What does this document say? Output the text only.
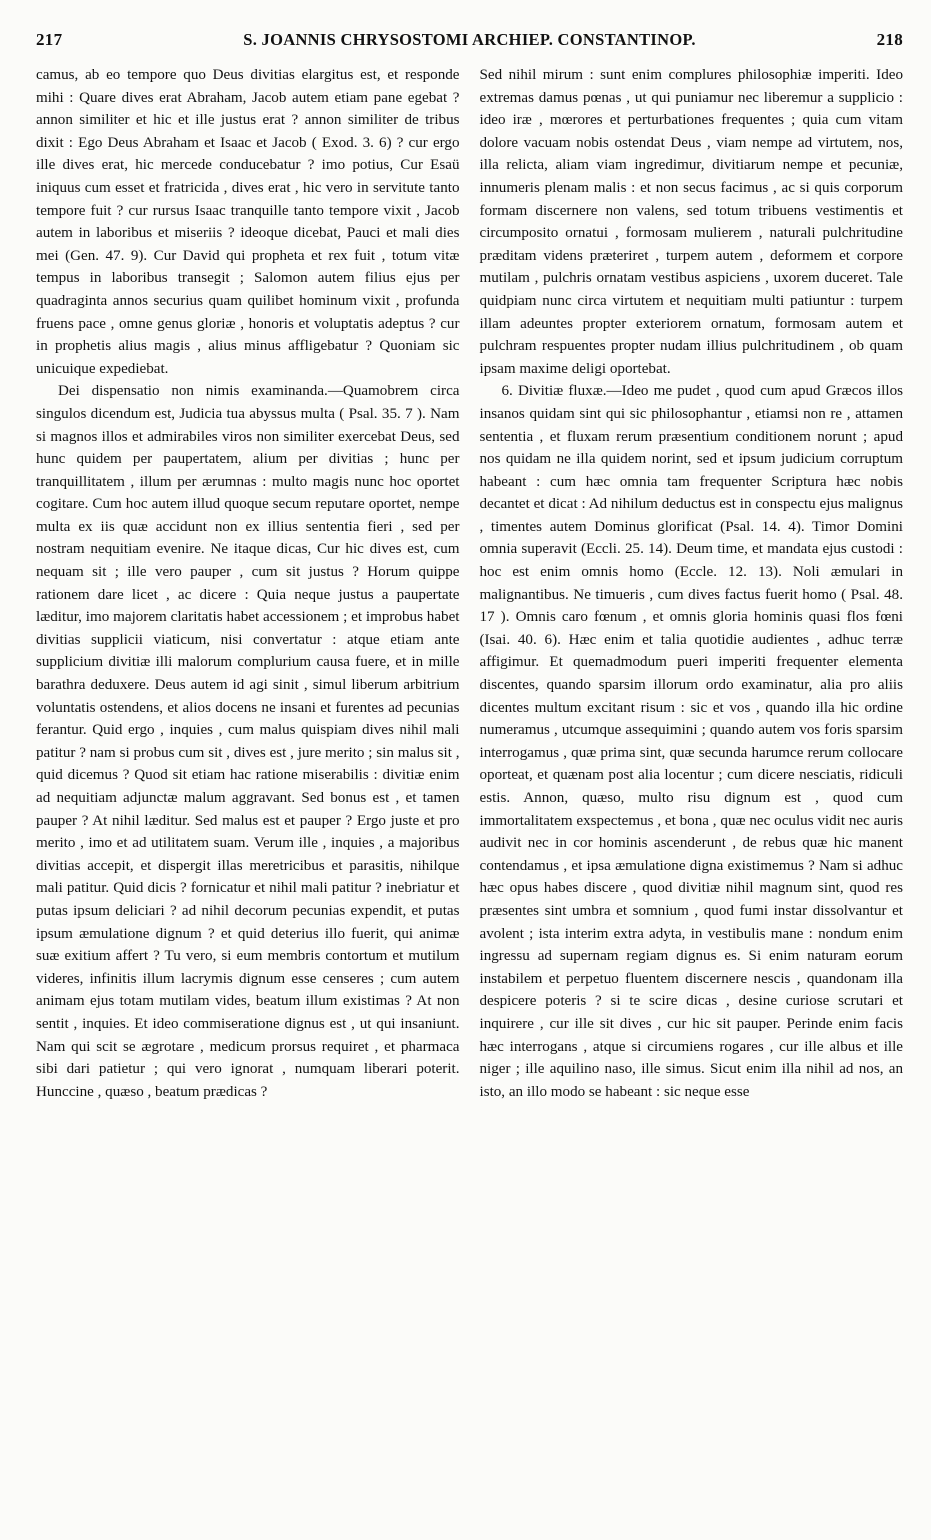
217	S. JOANNIS CHRYSOSTOMI ARCHIEP. CONSTANTINOP.	218

camus, ab eo tempore quo Deus divitias elargitus est, et responde mihi : Quare dives erat Abraham, Jacob autem etiam pane egebat ? annon similiter et hic et ille justus erat ? annon similiter de tribus dixit : Ego Deus Abraham et Isaac et Jacob ( Exod. 3. 6) ? cur ergo ille dives erat, hic mercede conducebatur ? imo potius, Cur Esaü iniquus cum esset et fratricida , dives erat , hic vero in servitute tanto tempore fuit ? cur rursus Isaac tranquille tanto tempore vixit , Jacob autem in laboribus et miseriis ? ideoque dicebat, Pauci et mali dies mei (Gen. 47. 9). Cur David qui propheta et rex fuit , totum vitæ tempus in laboribus transegit ; Salomon autem filius ejus per quadraginta annos securius quam quilibet hominum vixit , profunda fruens pace , omne genus gloriæ , honoris et voluptatis adeptus ? cur in prophetis alius magis , alius minus affligebatur ? Quoniam sic unicuique expediebat.

Dei dispensatio non nimis examinanda.—Quamobrem circa singulos dicendum est, Judicia tua abyssus multa ( Psal. 35. 7 ). Nam si magnos illos et admirabiles viros non similiter exercebat Deus, sed hunc quidem per paupertatem, alium per divitias ; hunc per tranquillitatem , illum per ærumnas : multo magis nunc hoc oportet cogitare. Cum hoc autem illud quoque secum reputare oportet, nempe multa ex iis quæ accidunt non ex illius sententia fieri , sed per nostram nequitiam evenire. Ne itaque dicas, Cur hic dives est, cum nequam sit ; ille vero pauper , cum sit justus ? Horum quippe rationem dare licet , ac dicere : Quia neque justus a paupertate læditur, imo majorem claritatis habet accessionem ; et improbus habet divitias supplicii viaticum, nisi convertatur : atque etiam ante supplicium divitiæ illi malorum complurium causa fuere, et in mille barathra deduxere. Deus autem id agi sinit , simul liberum arbitrium voluntatis ostendens, et alios docens ne insani et furentes ad pecunias ferantur. Quid ergo , inquies , cum malus quispiam dives nihil mali patitur ? nam si probus cum sit , dives est , jure merito ; sin malus sit , quid dicemus ? Quod sit etiam hac ratione miserabilis : divitiæ enim ad nequitiam adjunctæ malum aggravant. Sed bonus est , et tamen pauper ? At nihil læditur. Sed malus est et pauper ? Ergo juste et pro merito , imo et ad utilitatem suam. Verum ille , inquies , a majoribus divitias accepit, et dispergit illas meretricibus et parasitis, nihilque mali patitur. Quid dicis ? fornicatur et nihil mali patitur ? inebriatur et putas ipsum deliciari ? ad nihil decorum pecunias expendit, et putas ipsum æmulatione dignum ? et quid deterius illo fuerit, qui animæ suæ exitium affert ? Tu vero, si eum membris contortum et mutilum videres, infinitis illum lacrymis dignum esse censeres ; cum autem animam ejus totam mutilam vides, beatum illum existimas ? At non sentit , inquies. Et ideo commiseratione dignus est , ut qui insaniunt. Nam qui scit se ægrotare , medicum prorsus requiret , et pharmaca sibi dari patietur ; qui vero ignorat , numquam liberari poterit. Hunccine , quæso , beatum prædicas ?

Sed nihil mirum : sunt enim complures philosophiæ imperiti. Ideo extremas damus pœnas , ut qui puniamur nec liberemur a supplicio : ideo iræ , mœrores et perturbationes frequentes ; quia cum vitam dolore vacuam nobis ostendat Deus , viam nempe ad virtutem, nos, illa relicta, aliam viam ingredimur, divitiarum nempe et pecuniæ, innumeris plenam malis : et non secus facimus , ac si quis corporum formam discernere non valens, sed totum tribuens vestimentis et circumposito ornatui , formosam mulierem , naturali pulchritudine præditam videns præteriret , turpem autem , deformem et corpore mutilam , pulchris ornatam vestibus aspiciens , uxorem duceret. Tale quidpiam nunc circa virtutem et nequitiam multi patiuntur : turpem illam adeuntes propter exteriorem ornatum, formosam autem et pulchram respuentes propter nudam illius pulchritudinem , ob quam ipsam maxime deligi oportebat.

6. Divitiæ fluxæ.—Ideo me pudet , quod cum apud Græcos illos insanos quidam sint qui sic philosophantur , etiamsi non re , attamen sententia , et fluxam rerum præsentium conditionem norunt ; apud nos quidam ne illa quidem norint, sed et ipsum judicium corruptum habeant : cum hæc omnia tam frequenter Scriptura hæc nobis decantet et dicat : Ad nihilum deductus est in conspectu ejus malignus , timentes autem Dominus glorificat (Psal. 14. 4). Timor Domini omnia superavit (Eccli. 25. 14). Deum time, et mandata ejus custodi : hoc est enim omnis homo (Eccle. 12. 13). Noli æmulari in malignantibus. Ne timueris , cum dives factus fuerit homo ( Psal. 48. 17 ). Omnis caro fœnum , et omnis gloria hominis quasi flos fœni (Isai. 40. 6). Hæc enim et talia quotidie audientes , adhuc terræ affigimur. Et quemadmodum pueri imperiti frequenter elementa discentes, quando sparsim illorum ordo examinatur, alia pro aliis dicentes multum excitant risum : sic et vos , quando illa hic ordine numeramus , utcumque assequimini ; quando autem vos foris sparsim interrogamus , quæ prima sint, quæ secunda harumce rerum collocare oporteat, et quænam post alia locentur ; cum dicere nesciatis, ridiculi estis. Annon, quæso, multo risu dignum est , quod cum immortalitatem exspectemus , et bona , quæ nec oculus vidit nec auris audivit nec in cor hominis ascenderunt , de rebus quæ hic manent contendamus , et ipsa æmulatione digna existimemus ? Nam si adhuc hæc opus habes discere , quod divitiæ nihil magnum sint, quod res præsentes sint umbra et somnium , quod fumi instar dissolvantur et avolent ; ista interim extra adyta, in vestibulis mane : nondum enim ingressu ad supernam regiam dignus es. Si enim naturam eorum instabilem et perpetuo fluentem discernere nescis , quandonam illa despicere poteris ? si te scire dicas , desine curiose scrutari et inquirere , cur ille sit dives , cur hic sit pauper. Perinde enim facis hæc interrogans , atque si circumiens rogares , cur ille albus et ille niger ; ille aquilino naso, ille simus. Sicut enim illa nihil ad nos, an isto, an illo modo se habeant : sic neque esse
